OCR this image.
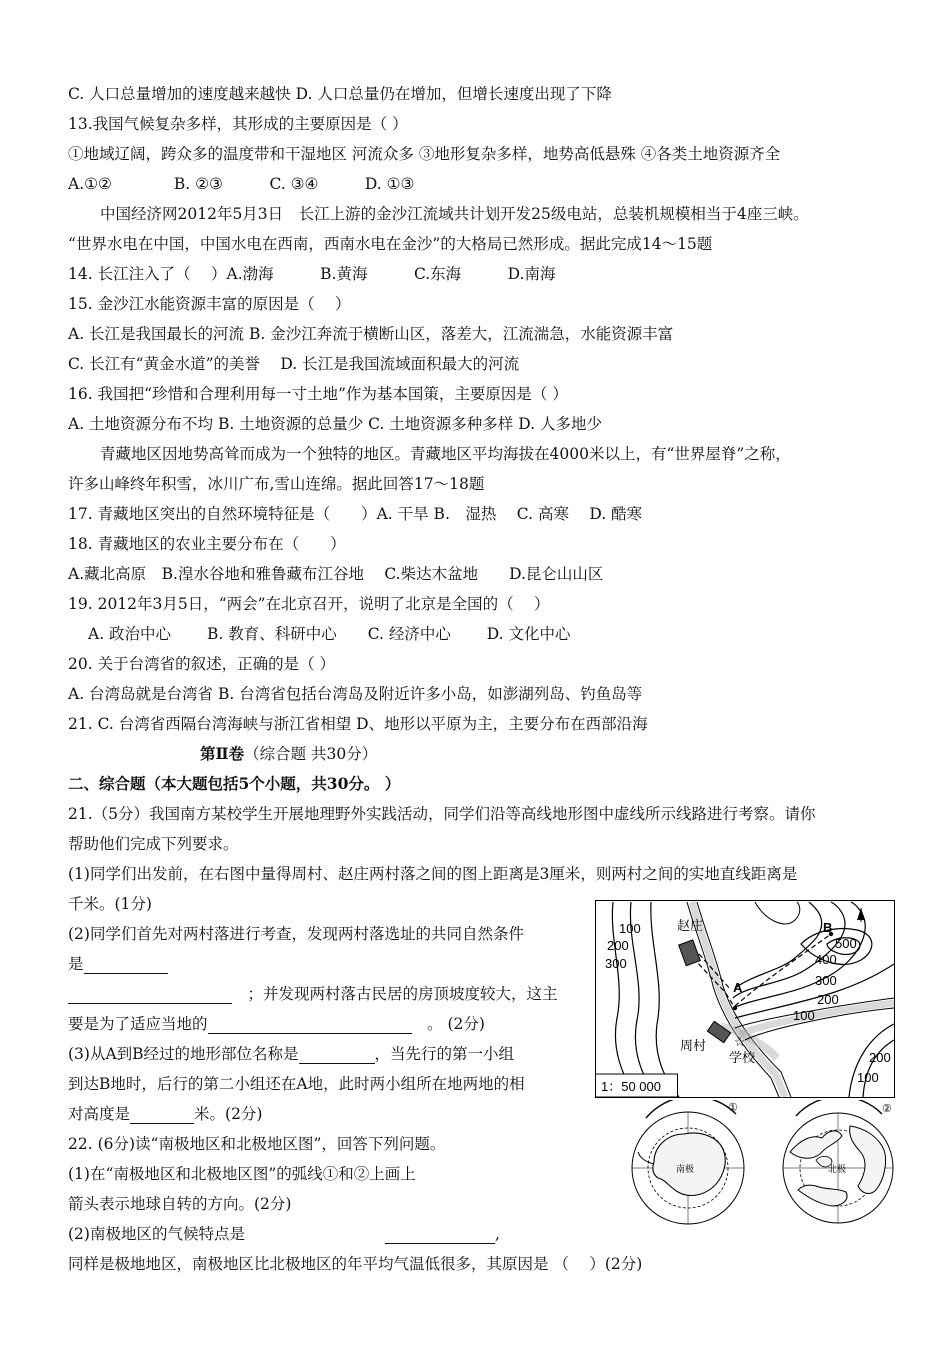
C. 人口总量增加的速度越来越快 D. 人口总量仍在增加，但增长速度出现了下降
13.我国气候复杂多样，其形成的主要原因是（ ）
①地域辽阔，跨众多的温度带和干湿地区 河流众多 ③地形复杂多样，地势高低悬殊 ④各类土地资源齐全
A.①②　　　　B. ②③　　　C. ③④　　　D. ①③
中国经济网2012年5月3日　长江上游的金沙江流域共计划开发25级电站，总装机规模相当于4座三峡。
“世界水电在中国，中国水电在西南，西南水电在金沙”的大格局已然形成。据此完成14～15题
14. 长江注入了（　 ）A.渤海　　　B.黄海　　　C.东海　　　D.南海
15. 金沙江水能资源丰富的原因是（　 ）
A. 长江是我国最长的河流 B. 金沙江奔流于横断山区，落差大，江流湍急，水能资源丰富
C. 长江有“黄金水道”的美誉　 D. 长江是我国流域面积最大的河流
16. 我国把“珍惜和合理利用每一寸土地”作为基本国策，主要原因是（ ）
A. 土地资源分布不均 B. 土地资源的总量少 C. 土地资源多种多样 D. 人多地少
青藏地区因地势高耸而成为一个独特的地区。青藏地区平均海拔在4000米以上，有“世界屋脊”之称，
许多山峰终年积雪，冰川广布,雪山连绵。据此回答17～18题
17. 青藏地区突出的自然环境特征是（　　）A. 干旱 B.　湿热　 C. 高寒　 D. 酷寒
18. 青藏地区的农业主要分布在（　　）
A.藏北高原　B.湟水谷地和雅鲁藏布江谷地　 C.柴达木盆地　　D.昆仑山山区
19. 2012年3月5日，“两会”在北京召开，说明了北京是全国的（　 ）
A. 政治中心　　 B. 教育、科研中心　　C. 经济中心　　 D. 文化中心
20. 关于台湾省的叙述，正确的是（ ）
A. 台湾岛就是台湾省 B. 台湾省包括台湾岛及附近许多小岛，如澎湖列岛、钓鱼岛等
21. C. 台湾省西隔台湾海峡与浙江省相望 D、地形以平原为主，主要分布在西部沿海
第Ⅱ卷（综合题 共30分）
二、综合题（本大题包括5个小题，共30分。 ）
21.（5分）我国南方某校学生开展地理野外实践活动，同学们沿等高线地形图中虚线所示线路进行考察。请你
帮助他们完成下列要求。
(1)同学们出发前，在右图中量得周村、赵庄两村落之间的图上距离是3厘米，则两村之间的实地直线距离是
千米。(1分)
(2)同学们首先对两村落进行考查，发现两村落选址的共同自然条件
是
　；并发现两村落古民居的房顶坡度较大，这主
要是为了适应当地的　	。 (2分)
(3)从A到B经过的地形部位名称是	，当先行的第一小组
到达B地时，后行的第二小组还在A地，此时两小组所在地两地的相
对高度是	米。(2分)
22. (6分)读“南极地区和北极地区图”，回答下列问题。
(1)在“南极地区和北极地区图”的弧线①和②上画上
箭头表示地球自转的方向。(2分)
(2)南极地区的气候特点是	,
同样是极地地区，南极地区比北极地区的年平均气温低很多，其原因是 （　 ）(2分)
☆
100
200
300
赵庄	B
500
400
300
200
A
100
周村
学校	200
100
1：50 000
①
南极
②
北极
